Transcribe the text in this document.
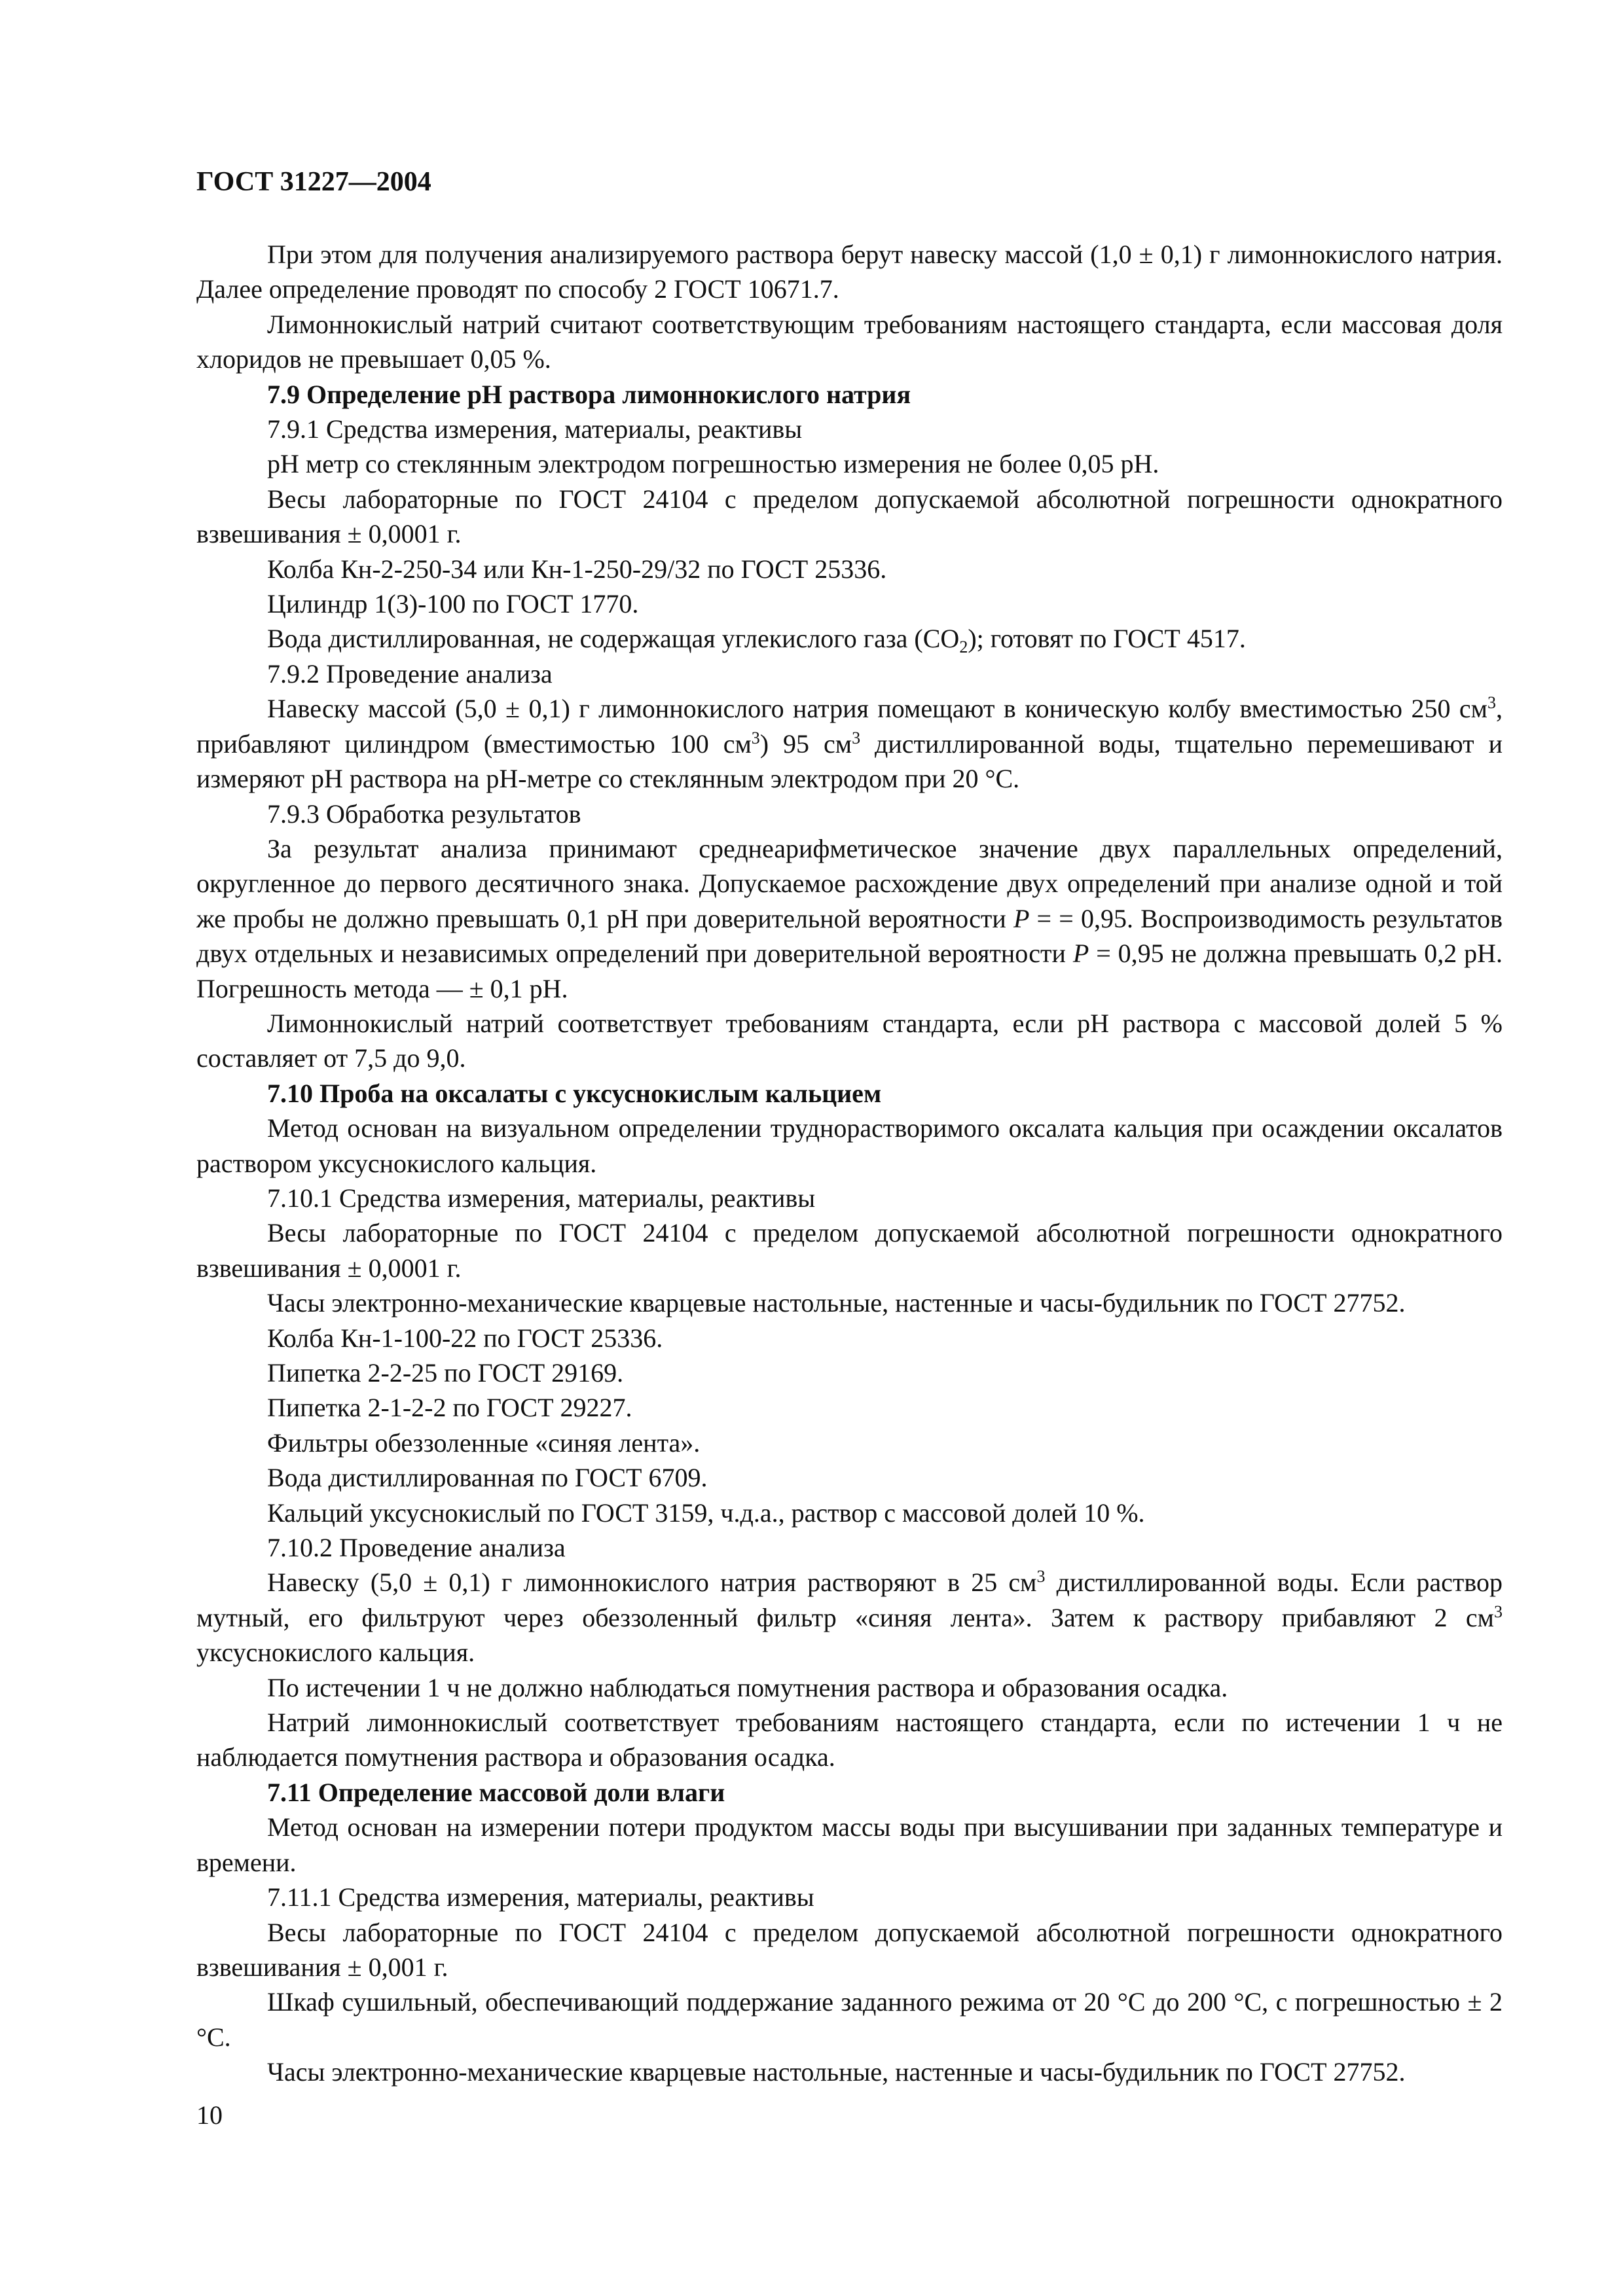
ГОСТ 31227—2004

При этом для получения анализируемого раствора берут навеску массой (1,0 ± 0,1) г лимоннокислого натрия. Далее определение проводят по способу 2 ГОСТ 10671.7.

Лимоннокислый натрий считают соответствующим требованиям настоящего стандарта, если массовая доля хлоридов не превышает 0,05 %.

7.9 Определение pH раствора лимоннокислого натрия

7.9.1 Средства измерения, материалы, реактивы

pH метр со стеклянным электродом погрешностью измерения не более 0,05 pH.

Весы лабораторные по ГОСТ 24104 с пределом допускаемой абсолютной погрешности однократного взвешивания ± 0,0001 г.

Колба Кн-2-250-34 или Кн-1-250-29/32 по ГОСТ 25336.

Цилиндр 1(3)-100 по ГОСТ 1770.

Вода дистиллированная, не содержащая углекислого газа $(CO_2)$; готовят по ГОСТ 4517.

7.9.2 Проведение анализа

Навеску массой (5,0 ± 0,1) г лимоннокислого натрия помещают в коническую колбу вместимостью 250 $см^3$, прибавляют цилиндром (вместимостью 100 $см^3$) 95 $см^3$ дистиллированной воды, тщательно перемешивают и измеряют pH раствора на pH-метре со стеклянным электродом при 20 °С.

7.9.3 Обработка результатов

За результат анализа принимают среднеарифметическое значение двух параллельных определений, округленное до первого десятичного знака. Допускаемое расхождение двух определений при анализе одной и той же пробы не должно превышать 0,1 pH при доверительной вероятности P = = 0,95. Воспроизводимость результатов двух отдельных и независимых определений при доверительной вероятности P = 0,95 не должна превышать 0,2 pH. Погрешность метода — ± 0,1 pH.

Лимоннокислый натрий соответствует требованиям стандарта, если pH раствора с массовой долей 5 % составляет от 7,5 до 9,0.

7.10 Проба на оксалаты с уксуснокислым кальцием

Метод основан на визуальном определении труднорастворимого оксалата кальция при осаждении оксалатов раствором уксуснокислого кальция.

7.10.1 Средства измерения, материалы, реактивы

Весы лабораторные по ГОСТ 24104 с пределом допускаемой абсолютной погрешности однократного взвешивания ± 0,0001 г.

Часы электронно-механические кварцевые настольные, настенные и часы-будильник по ГОСТ 27752.

Колба Кн-1-100-22 по ГОСТ 25336.

Пипетка 2-2-25 по ГОСТ 29169.

Пипетка 2-1-2-2 по ГОСТ 29227.

Фильтры обеззоленные «синяя лента».

Вода дистиллированная по ГОСТ 6709.

Кальций уксуснокислый по ГОСТ 3159, ч.д.а., раствор с массовой долей 10 %.

7.10.2 Проведение анализа

Навеску (5,0 ± 0,1) г лимоннокислого натрия растворяют в 25 $см^3$ дистиллированной воды. Если раствор мутный, его фильтруют через обеззоленный фильтр «синяя лента». Затем к раствору прибавляют 2 $см^3$ уксуснокислого кальция.

По истечении 1 ч не должно наблюдаться помутнения раствора и образования осадка.

Натрий лимоннокислый соответствует требованиям настоящего стандарта, если по истечении 1 ч не наблюдается помутнения раствора и образования осадка.

7.11 Определение массовой доли влаги

Метод основан на измерении потери продуктом массы воды при высушивании при заданных температуре и времени.

7.11.1 Средства измерения, материалы, реактивы

Весы лабораторные по ГОСТ 24104 с пределом допускаемой абсолютной погрешности однократного взвешивания ± 0,001 г.

Шкаф сушильный, обеспечивающий поддержание заданного режима от 20 °С до 200 °С, с погрешностью ± 2 °С.

Часы электронно-механические кварцевые настольные, настенные и часы-будильник по ГОСТ 27752.

10
